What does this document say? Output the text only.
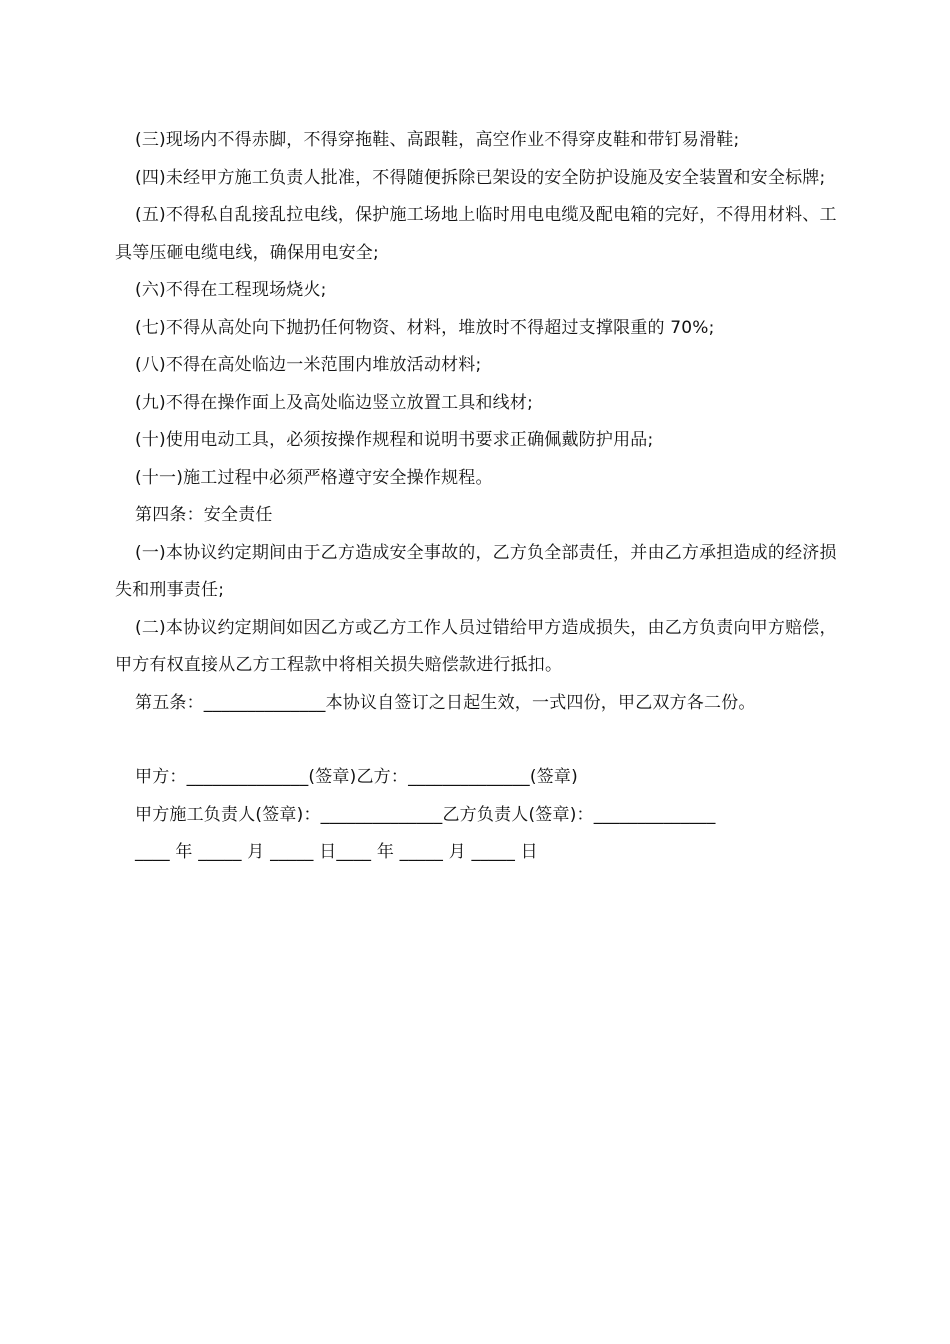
(三)现场内不得赤脚，不得穿拖鞋、高跟鞋，高空作业不得穿皮鞋和带钉易滑鞋;

(四)未经甲方施工负责人批准，不得随便拆除已架设的安全防护设施及安全装置和安全标牌;

(五)不得私自乱接乱拉电线，保护施工场地上临时用电电缆及配电箱的完好，不得用材料、工具等压砸电缆电线，确保用电安全;

(六)不得在工程现场烧火;

(七)不得从高处向下抛扔任何物资、材料，堆放时不得超过支撑限重的 70%;

(八)不得在高处临边一米范围内堆放活动材料;

(九)不得在操作面上及高处临边竖立放置工具和线材;

(十)使用电动工具，必须按操作规程和说明书要求正确佩戴防护用品;

(十一)施工过程中必须严格遵守安全操作规程。

第四条：安全责任

(一)本协议约定期间由于乙方造成安全事故的，乙方负全部责任，并由乙方承担造成的经济损失和刑事责任;

(二)本协议约定期间如因乙方或乙方工作人员过错给甲方造成损失，由乙方负责向甲方赔偿，甲方有权直接从乙方工程款中将相关损失赔偿款进行抵扣。

第五条：______________本协议自签订之日起生效，一式四份，甲乙双方各二份。

甲方：______________(签章)乙方：______________(签章)

甲方施工负责人(签章)：______________乙方负责人(签章)：______________

____ 年 _____ 月 _____ 日____ 年 _____ 月 _____ 日
